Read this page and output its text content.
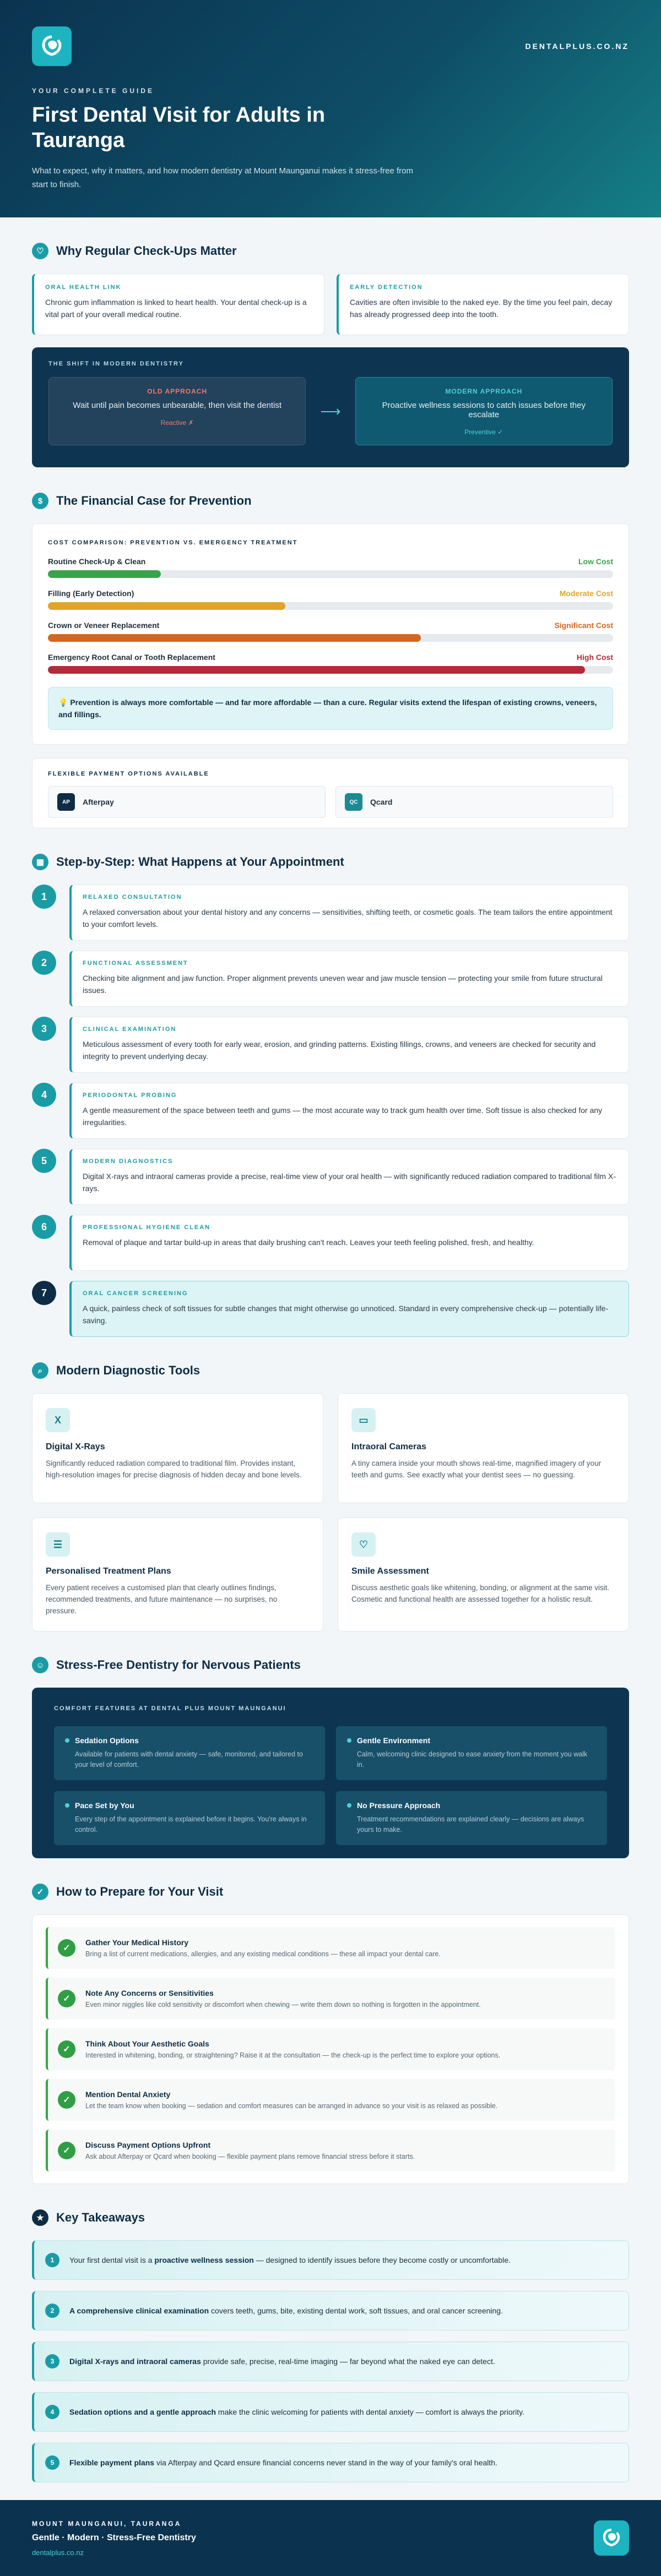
DENTALPLUS.CO.NZ
YOUR COMPLETE GUIDE
First Dental Visit for Adults in Tauranga

What to expect, why it matters, and how modern dentistry at Mount Maunganui makes it stress-free from start to finish.

♡	Why Regular Check-Ups Matter
ORAL HEALTH LINK
Chronic gum inflammation is linked to heart health. Your dental check-up is a vital part of your overall medical routine.
EARLY DETECTION
Cavities are often invisible to the naked eye. By the time you feel pain, decay has already progressed deep into the tooth.
THE SHIFT IN MODERN DENTISTRY
OLD APPROACH
Wait until pain becomes unbearable, then visit the dentist
Reactive ✗
⟶
MODERN APPROACH
Proactive wellness sessions to catch issues before they escalate
Preventive ✓
$	The Financial Case for Prevention
COST COMPARISON: PREVENTION VS. EMERGENCY TREATMENT
Routine Check-Up & Clean	Low Cost
Filling (Early Detection)	Moderate Cost
Crown or Veneer Replacement	Significant Cost
Emergency Root Canal or Tooth Replacement	High Cost
💡 Prevention is always more comfortable — and far more affordable — than a cure. Regular visits extend the lifespan of existing crowns, veneers, and fillings.
FLEXIBLE PAYMENT OPTIONS AVAILABLE
AP	Afterpay	QC	Qcard
▦ Step-by-Step: What Happens at Your Appointment
1	RELAXED CONSULTATION
A relaxed conversation about your dental history and any concerns — sensitivities, shifting teeth, or cosmetic goals. The team tailors the entire appointment to your comfort levels.
2	FUNCTIONAL ASSESSMENT
Checking bite alignment and jaw function. Proper alignment prevents uneven wear and jaw muscle tension — protecting your smile from future structural issues.
3	CLINICAL EXAMINATION
Meticulous assessment of every tooth for early wear, erosion, and grinding patterns. Existing fillings, crowns, and veneers are checked for security and integrity to prevent underlying decay.
4	PERIODONTAL PROBING
A gentle measurement of the space between teeth and gums — the most accurate way to track gum health over time. Soft tissue is also checked for any irregularities.
5	MODERN DIAGNOSTICS
Digital X-rays and intraoral cameras provide a precise, real-time view of your oral health — with significantly reduced radiation compared to traditional film X-rays.
6	PROFESSIONAL HYGIENE CLEAN
Removal of plaque and tartar build-up in areas that daily brushing can't reach. Leaves your teeth feeling polished, fresh, and healthy.
7	ORAL CANCER SCREENING
A quick, painless check of soft tissues for subtle changes that might otherwise go unnoticed. Standard in every comprehensive check-up — potentially life-saving.
⌕	Modern Diagnostic Tools
X
Digital X-Rays

Significantly reduced radiation compared to traditional film. Provides instant, high-resolution images for precise diagnosis of hidden decay and bone levels.

▭
Intraoral Cameras

A tiny camera inside your mouth shows real-time, magnified imagery of your teeth and gums. See exactly what your dentist sees — no guessing.

☰
Personalised Treatment Plans

Every patient receives a customised plan that clearly outlines findings, recommended treatments, and future maintenance — no surprises, no pressure.

♡
Smile Assessment

Discuss aesthetic goals like whitening, bonding, or alignment at the same visit. Cosmetic and functional health are assessed together for a holistic result.

☺ Stress-Free Dentistry for Nervous Patients
COMFORT FEATURES AT DENTAL PLUS MOUNT MAUNGANUI
Sedation Options

Available for patients with dental anxiety — safe, monitored, and tailored to your level of comfort.

Gentle Environment

Calm, welcoming clinic designed to ease anxiety from the moment you walk in.

Pace Set by You

Every step of the appointment is explained before it begins. You're always in control.

No Pressure Approach

Treatment recommendations are explained clearly — decisions are always yours to make.

✓	How to Prepare for Your Visit
✓
Gather Your Medical History

Bring a list of current medications, allergies, and any existing medical conditions — these all impact your dental care.

✓
Note Any Concerns or Sensitivities

Even minor niggles like cold sensitivity or discomfort when chewing — write them down so nothing is forgotten in the appointment.

✓
Think About Your Aesthetic Goals

Interested in whitening, bonding, or straightening? Raise it at the consultation — the check-up is the perfect time to explore your options.

✓
Mention Dental Anxiety

Let the team know when booking — sedation and comfort measures can be arranged in advance so your visit is as relaxed as possible.

✓
Discuss Payment Options Upfront

Ask about Afterpay or Qcard when booking — flexible payment plans remove financial stress before it starts.

★	Key Takeaways
1	Your first dental visit is a proactive wellness session — designed to identify issues before they become costly or uncomfortable.

2	A comprehensive clinical examination covers teeth, gums, bite, existing dental work, soft tissues, and oral cancer screening.

3	Digital X-rays and intraoral cameras provide safe, precise, real-time imaging — far beyond what the naked eye can detect.

4	Sedation options and a gentle approach make the clinic welcoming for patients with dental anxiety — comfort is always the priority.

5	Flexible payment plans via Afterpay and Qcard ensure financial concerns never stand in the way of your family's oral health.

MOUNT MAUNGANUI, TAURANGA
Gentle · Modern · Stress-Free Dentistry
dentalplus.co.nz
